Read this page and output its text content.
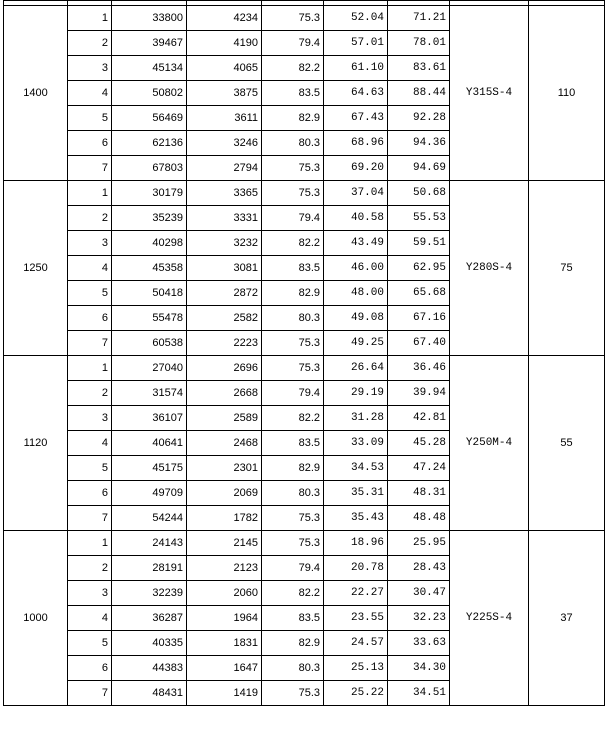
1400	1	33800	4234	75.3	52.04	71.21	Y315S-4	110
	2	39467	4190	79.4	57.01	78.01		
	3	45134	4065	82.2	61.10	83.61		
	4	50802	3875	83.5	64.63	88.44		
	5	56469	3611	82.9	67.43	92.28		
	6	62136	3246	80.3	68.96	94.36		
	7	67803	2794	75.3	69.20	94.69		
1250	1	30179	3365	75.3	37.04	50.68	Y280S-4	75
	2	35239	3331	79.4	40.58	55.53		
	3	40298	3232	82.2	43.49	59.51		
	4	45358	3081	83.5	46.00	62.95		
	5	50418	2872	82.9	48.00	65.68		
	6	55478	2582	80.3	49.08	67.16		
	7	60538	2223	75.3	49.25	67.40		
1120	1	27040	2696	75.3	26.64	36.46	Y250M-4	55
	2	31574	2668	79.4	29.19	39.94		
	3	36107	2589	82.2	31.28	42.81		
	4	40641	2468	83.5	33.09	45.28		
	5	45175	2301	82.9	34.53	47.24		
	6	49709	2069	80.3	35.31	48.31		
	7	54244	1782	75.3	35.43	48.48		
1000	1	24143	2145	75.3	18.96	25.95	Y225S-4	37
	2	28191	2123	79.4	20.78	28.43		
	3	32239	2060	82.2	22.27	30.47		
	4	36287	1964	83.5	23.55	32.23		
	5	40335	1831	82.9	24.57	33.63		
	6	44383	1647	80.3	25.13	34.30		
	7	48431	1419	75.3	25.22	34.51		
